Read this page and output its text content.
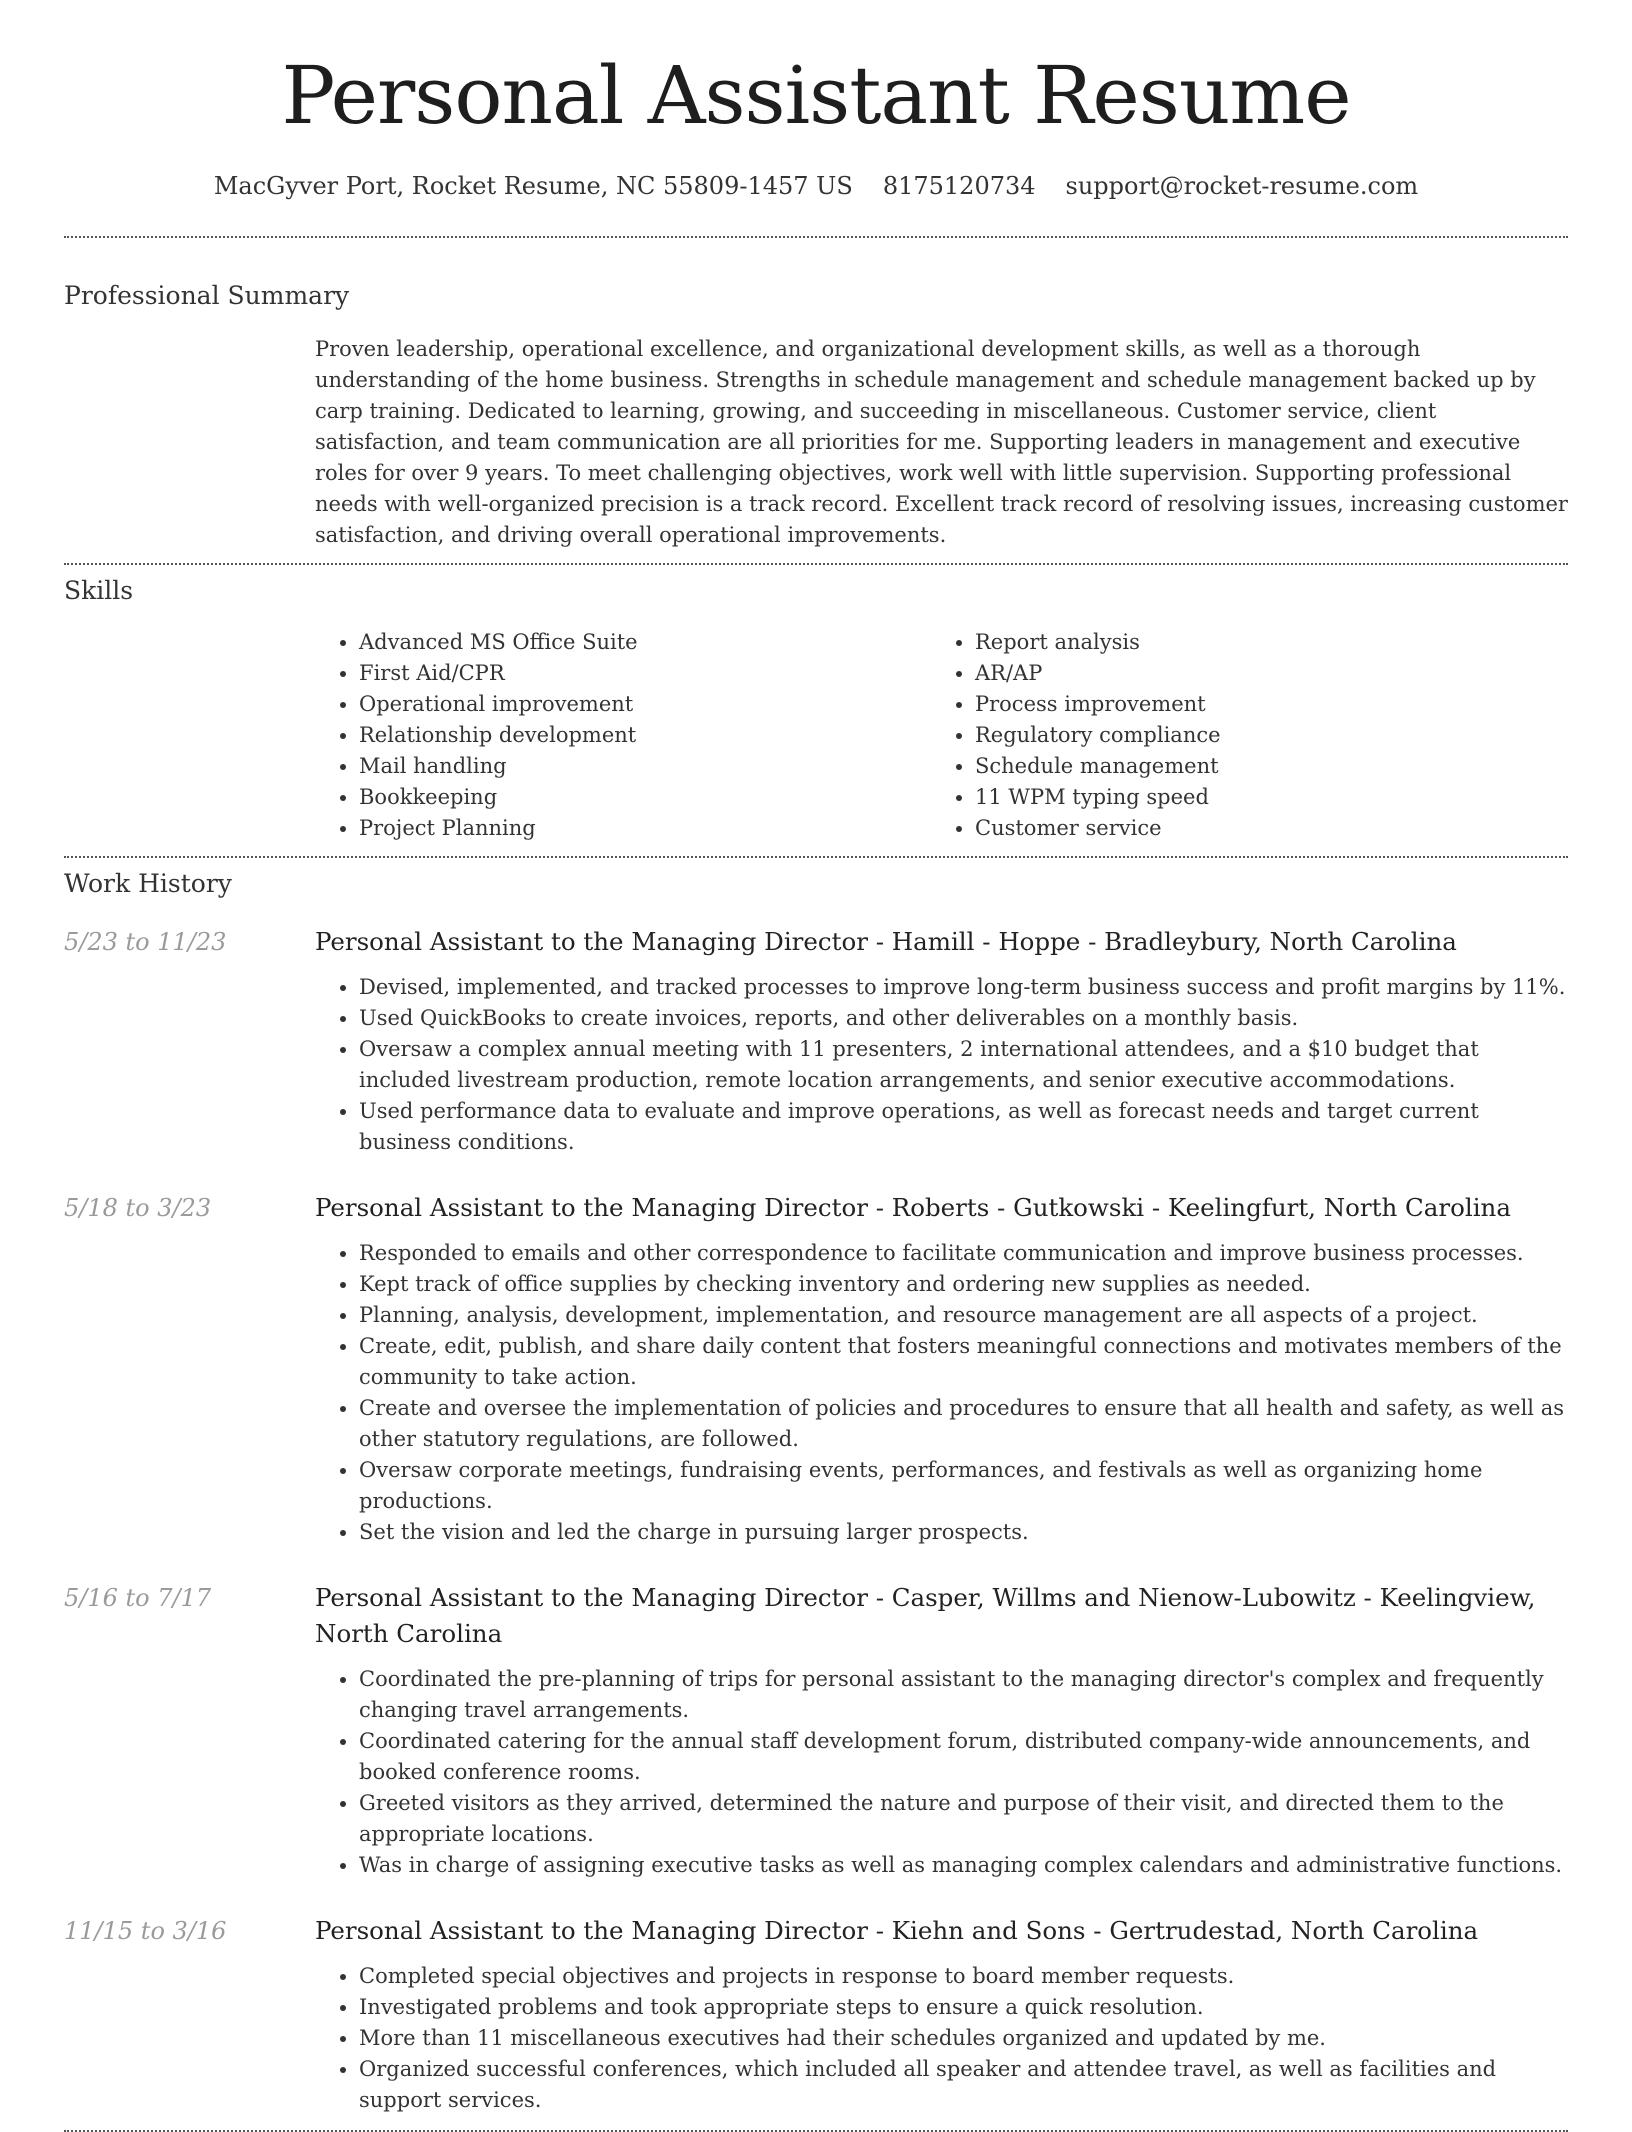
Personal Assistant Resume
MacGyver Port, Rocket Resume, NC 55809-1457 US 8175120734 support@rocket-resume.com
Professional Summary

Proven leadership, operational excellence, and organizational development skills, as well as a thorough understanding of the home business. Strengths in schedule management and schedule management backed up by carp training. Dedicated to learning, growing, and succeeding in miscellaneous. Customer service, client satisfaction, and team communication are all priorities for me. Supporting leaders in management and executive roles for over 9 years. To meet challenging objectives, work well with little supervision. Supporting professional needs with well-organized precision is a track record. Excellent track record of resolving issues, increasing customer satisfaction, and driving overall operational improvements.

Skills
• Advanced MS Office Suite
• First Aid/CPR
• Operational improvement
• Relationship development
• Mail handling
• Bookkeeping
• Project Planning
• Report analysis
• AR/AP
• Process improvement
• Regulatory compliance
• Schedule management
• 11 WPM typing speed
• Customer service
Work History
5/23 to 11/23	Personal Assistant to the Managing Director - Hamill - Hoppe - Bradleybury, North Carolina
• Devised, implemented, and tracked processes to improve long-term business success and profit margins by 11%.
• Used QuickBooks to create invoices, reports, and other deliverables on a monthly basis.
• Oversaw a complex annual meeting with 11 presenters, 2 international attendees, and a $10 budget that included livestream production, remote location arrangements, and senior executive accommodations.
• Used performance data to evaluate and improve operations, as well as forecast needs and target current business conditions.
5/18 to 3/23	Personal Assistant to the Managing Director - Roberts - Gutkowski - Keelingfurt, North Carolina
• Responded to emails and other correspondence to facilitate communication and improve business processes.
• Kept track of office supplies by checking inventory and ordering new supplies as needed.
• Planning, analysis, development, implementation, and resource management are all aspects of a project.
• Create, edit, publish, and share daily content that fosters meaningful connections and motivates members of the community to take action.
• Create and oversee the implementation of policies and procedures to ensure that all health and safety, as well as other statutory regulations, are followed.
• Oversaw corporate meetings, fundraising events, performances, and festivals as well as organizing home productions.
• Set the vision and led the charge in pursuing larger prospects.
5/16 to 7/17	Personal Assistant to the Managing Director - Casper, Willms and Nienow-Lubowitz - Keelingview, North Carolina
• Coordinated the pre-planning of trips for personal assistant to the managing director's complex and frequently changing travel arrangements.
• Coordinated catering for the annual staff development forum, distributed company-wide announcements, and booked conference rooms.
• Greeted visitors as they arrived, determined the nature and purpose of their visit, and directed them to the appropriate locations.
• Was in charge of assigning executive tasks as well as managing complex calendars and administrative functions.
11/15 to 3/16	Personal Assistant to the Managing Director - Kiehn and Sons - Gertrudestad, North Carolina
• Completed special objectives and projects in response to board member requests.
• Investigated problems and took appropriate steps to ensure a quick resolution.
• More than 11 miscellaneous executives had their schedules organized and updated by me.
• Organized successful conferences, which included all speaker and attendee travel, as well as facilities and support services.
